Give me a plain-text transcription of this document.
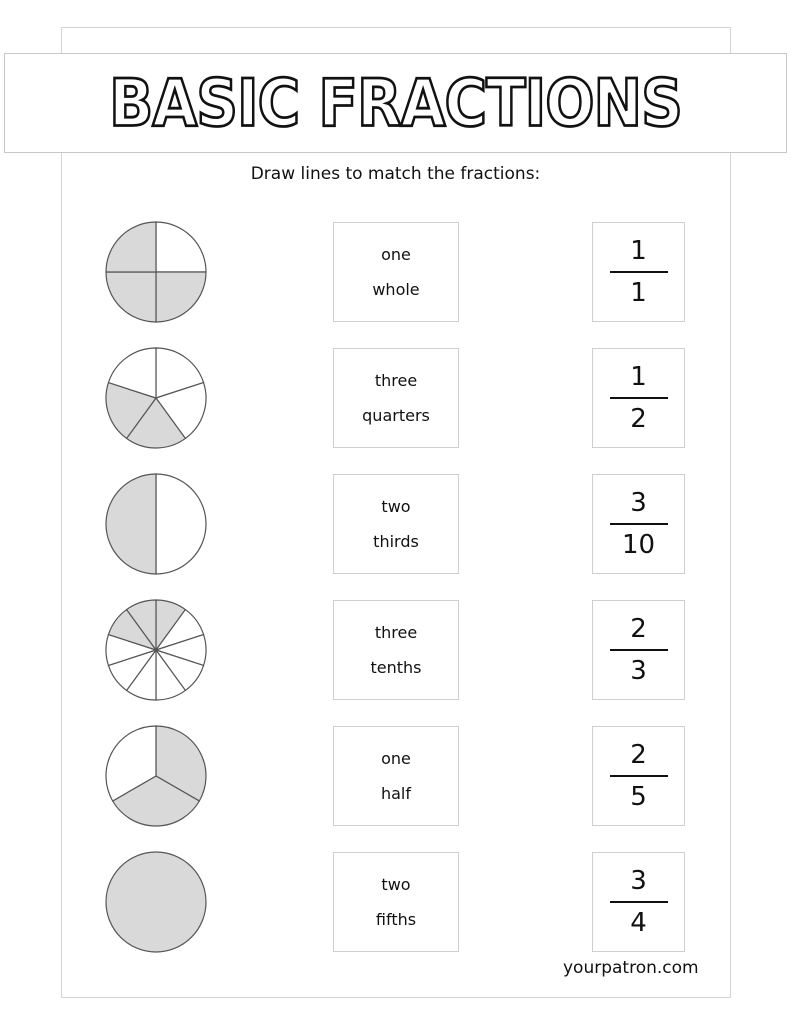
BASIC FRACTIONS
Draw lines to match the fractions:
one
whole
1
1
three
quarters
1
2
two
thirds
3
10
three
tenths
2
3
one
half
2
5
two
fifths
3
4
yourpatron.com
